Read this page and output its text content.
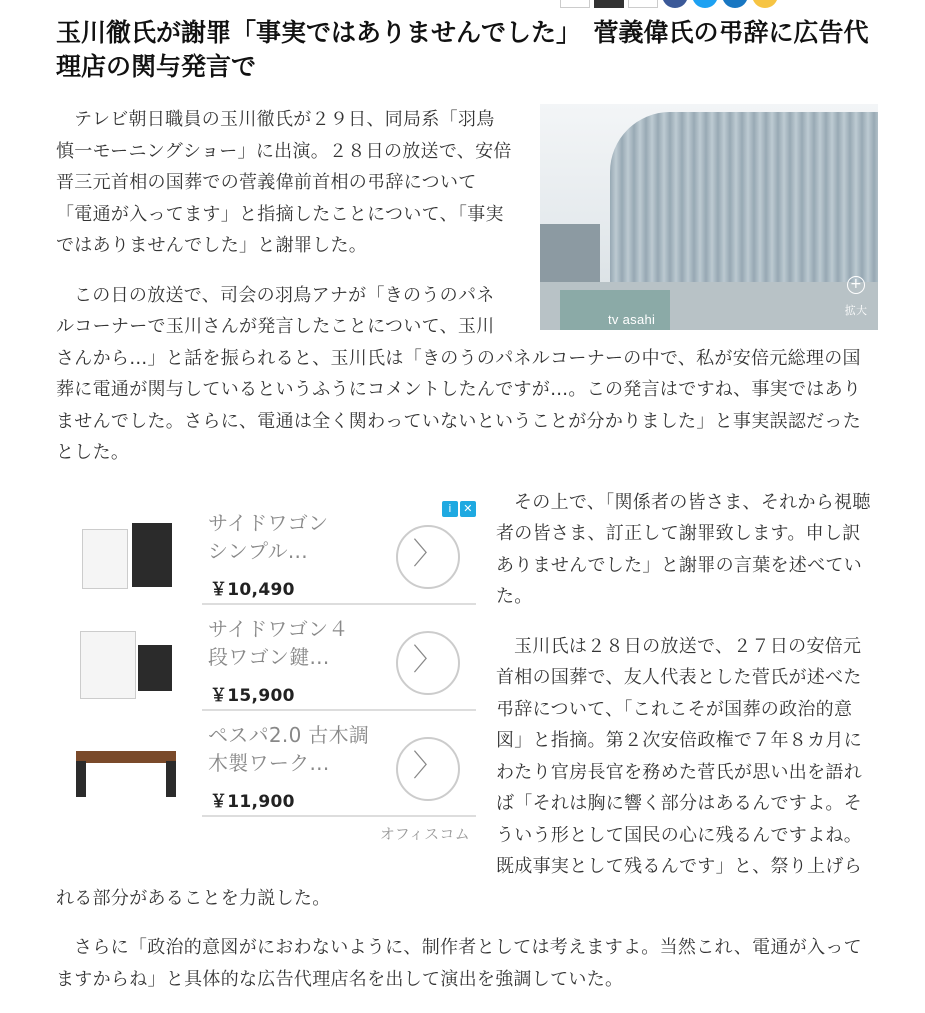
玉川徹氏が謝罪「事実ではありませんでした」　菅義偉氏の弔辞に広告代理店の関与発言で
tv asahi
+
拡大

テレビ朝日職員の玉川徹氏が２９日、同局系「羽鳥慎一モーニングショー」に出演。２８日の放送で、安倍晋三元首相の国葬での菅義偉前首相の弔辞について「電通が入ってます」と指摘したことについて、「事実ではありませんでした」と謝罪した。

この日の放送で、司会の羽鳥アナが「きのうのパネルコーナーで玉川さんが発言したことについて、玉川さんから…」と話を振られると、玉川氏は「きのうのパネルコーナーの中で、私が安倍元総理の国葬に電通が関与しているというふうにコメントしたんですが…。この発言はですね、事実ではありませんでした。さらに、電通は全く関わっていないということが分かりました」と事実誤認だったとした。

i	✕
サイドワゴン
シンプル...
￥10,490
〉
サイドワゴン４
段ワゴン鍵...
￥15,900
〉
ペスパ2.0 古木調
木製ワーク...
￥11,900
〉
オフィスコム

その上で、「関係者の皆さま、それから視聴者の皆さま、訂正して謝罪致します。申し訳ありませんでした」と謝罪の言葉を述べていた。

玉川氏は２８日の放送で、２７日の安倍元首相の国葬で、友人代表とした菅氏が述べた弔辞について、「これこそが国葬の政治的意図」と指摘。第２次安倍政権で７年８カ月にわたり官房長官を務めた菅氏が思い出を語れば「それは胸に響く部分はあるんですよ。そういう形として国民の心に残るんですよね。既成事実として残るんです」と、祭り上げられる部分があることを力説した。

さらに「政治的意図がにおわないように、制作者としては考えますよ。当然これ、電通が入ってますからね」と具体的な広告代理店名を出して演出を強調していた。
